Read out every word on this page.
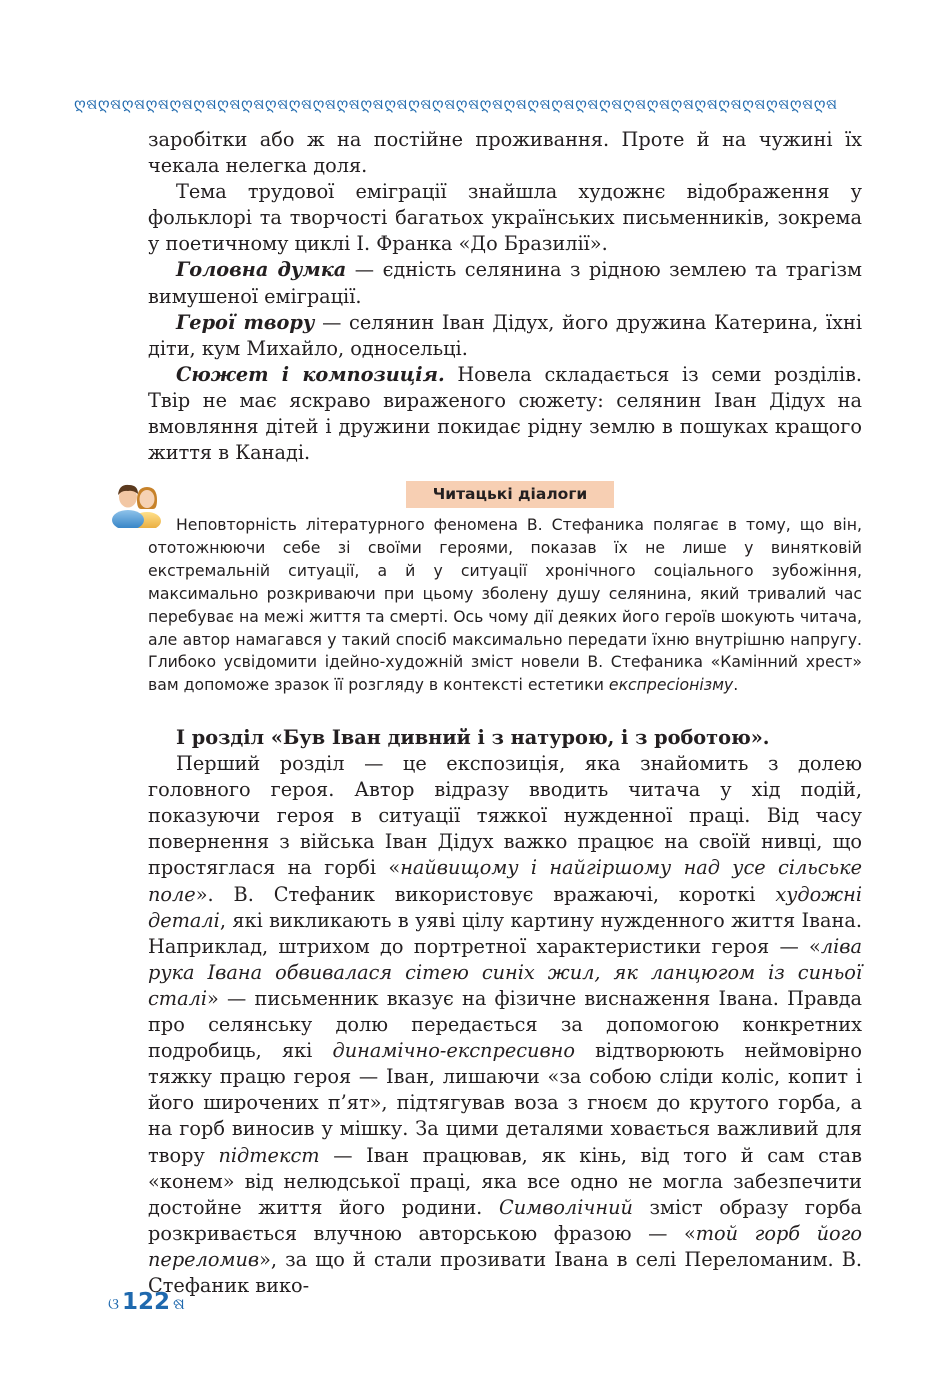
ღଷღଷღଷღଷღଷღଷღଷღଷღଷღଷღଷღଷღଷღଷღଷღଷღଷღଷღଷღଷღଷღଷღଷღଷღଷღଷღଷღଷღଷღଷღଷღଷ

заробітки або ж на постійне проживання. Проте й на чужині їх чекала нелегка доля.

Тема трудової еміграції знайшла художнє відображення у фольклорі та творчості багатьох українських письменників, зокрема у поетичному циклі І. Франка «До Бразилії».

Головна думка — єдність селянина з рідною землею та трагізм вимушеної еміграції.

Герої твору — селянин Іван Дідух, його дружина Катерина, їхні діти, кум Михайло, односельці.

Сюжет і композиція. Новела складається із семи розділів. Твір не має яскраво вираженого сюжету: селянин Іван Дідух на вмовляння дітей і дружини покидає рідну землю в пошуках кращого життя в Канаді.

Читацькі діалоги

Неповторність літературного феномена В. Стефаника полягає в тому, що він, ототожнюючи себе зі своїми героями, показав їх не лише у винятковій екстремальній ситуації, а й у ситуації хронічного соціального зубожіння, максимально розкриваючи при цьому зболену душу селянина, який тривалий час перебуває на межі життя та смерті. Ось чому дії деяких його героїв шокують читача, але автор намагався у такий спосіб максимально передати їхню внутрішню напругу. Глибоко усвідомити ідейно-художній зміст новели В. Стефаника «Камінний хрест» вам допоможе зразок її розгляду в контексті естетики експресіонізму.

І розділ «Був Іван дивний і з натурою, і з роботою».

Перший розділ — це експозиція, яка знайомить з долею головного героя. Автор відразу вводить читача у хід подій, показуючи героя в ситуації тяжкої нужденної праці. Від часу повернення з війська Іван Дідух важко працює на своїй нивці, що простяглася на горбі «найвищому і найгіршому над усе сільське поле». В. Стефаник використовує вражаючі, короткі художні деталі, які викликають в уяві цілу картину нужденного життя Івана. Наприклад, штрихом до портретної характеристики героя — «ліва рука Івана обвивалася сітею синіх жил, як ланцюгом із синьої сталі» — письменник вказує на фізичне виснаження Івана. Правда про селянську долю передається за допомогою конкретних подробиць, які динамічно-експресивно відтворюють неймовірно тяжку працю героя — Іван, лишаючи «за собою сліди коліс, копит і його широчених п’ят», підтягував воза з гноєм до крутого горба, а на горб виносив у мішку. За цими деталями ховається важливий для твору підтекст — Іван працював, як кінь, від того й сам став «конем» від нелюдської праці, яка все одно не могла забезпечити достойне життя його родини. Символічний зміст образу горба розкривається влучною авторською фразою — «той горб його переломив», за що й стали прозивати Івана в селі Переломаним. В. Стефаник вико-

ଓ 122 ଷ
